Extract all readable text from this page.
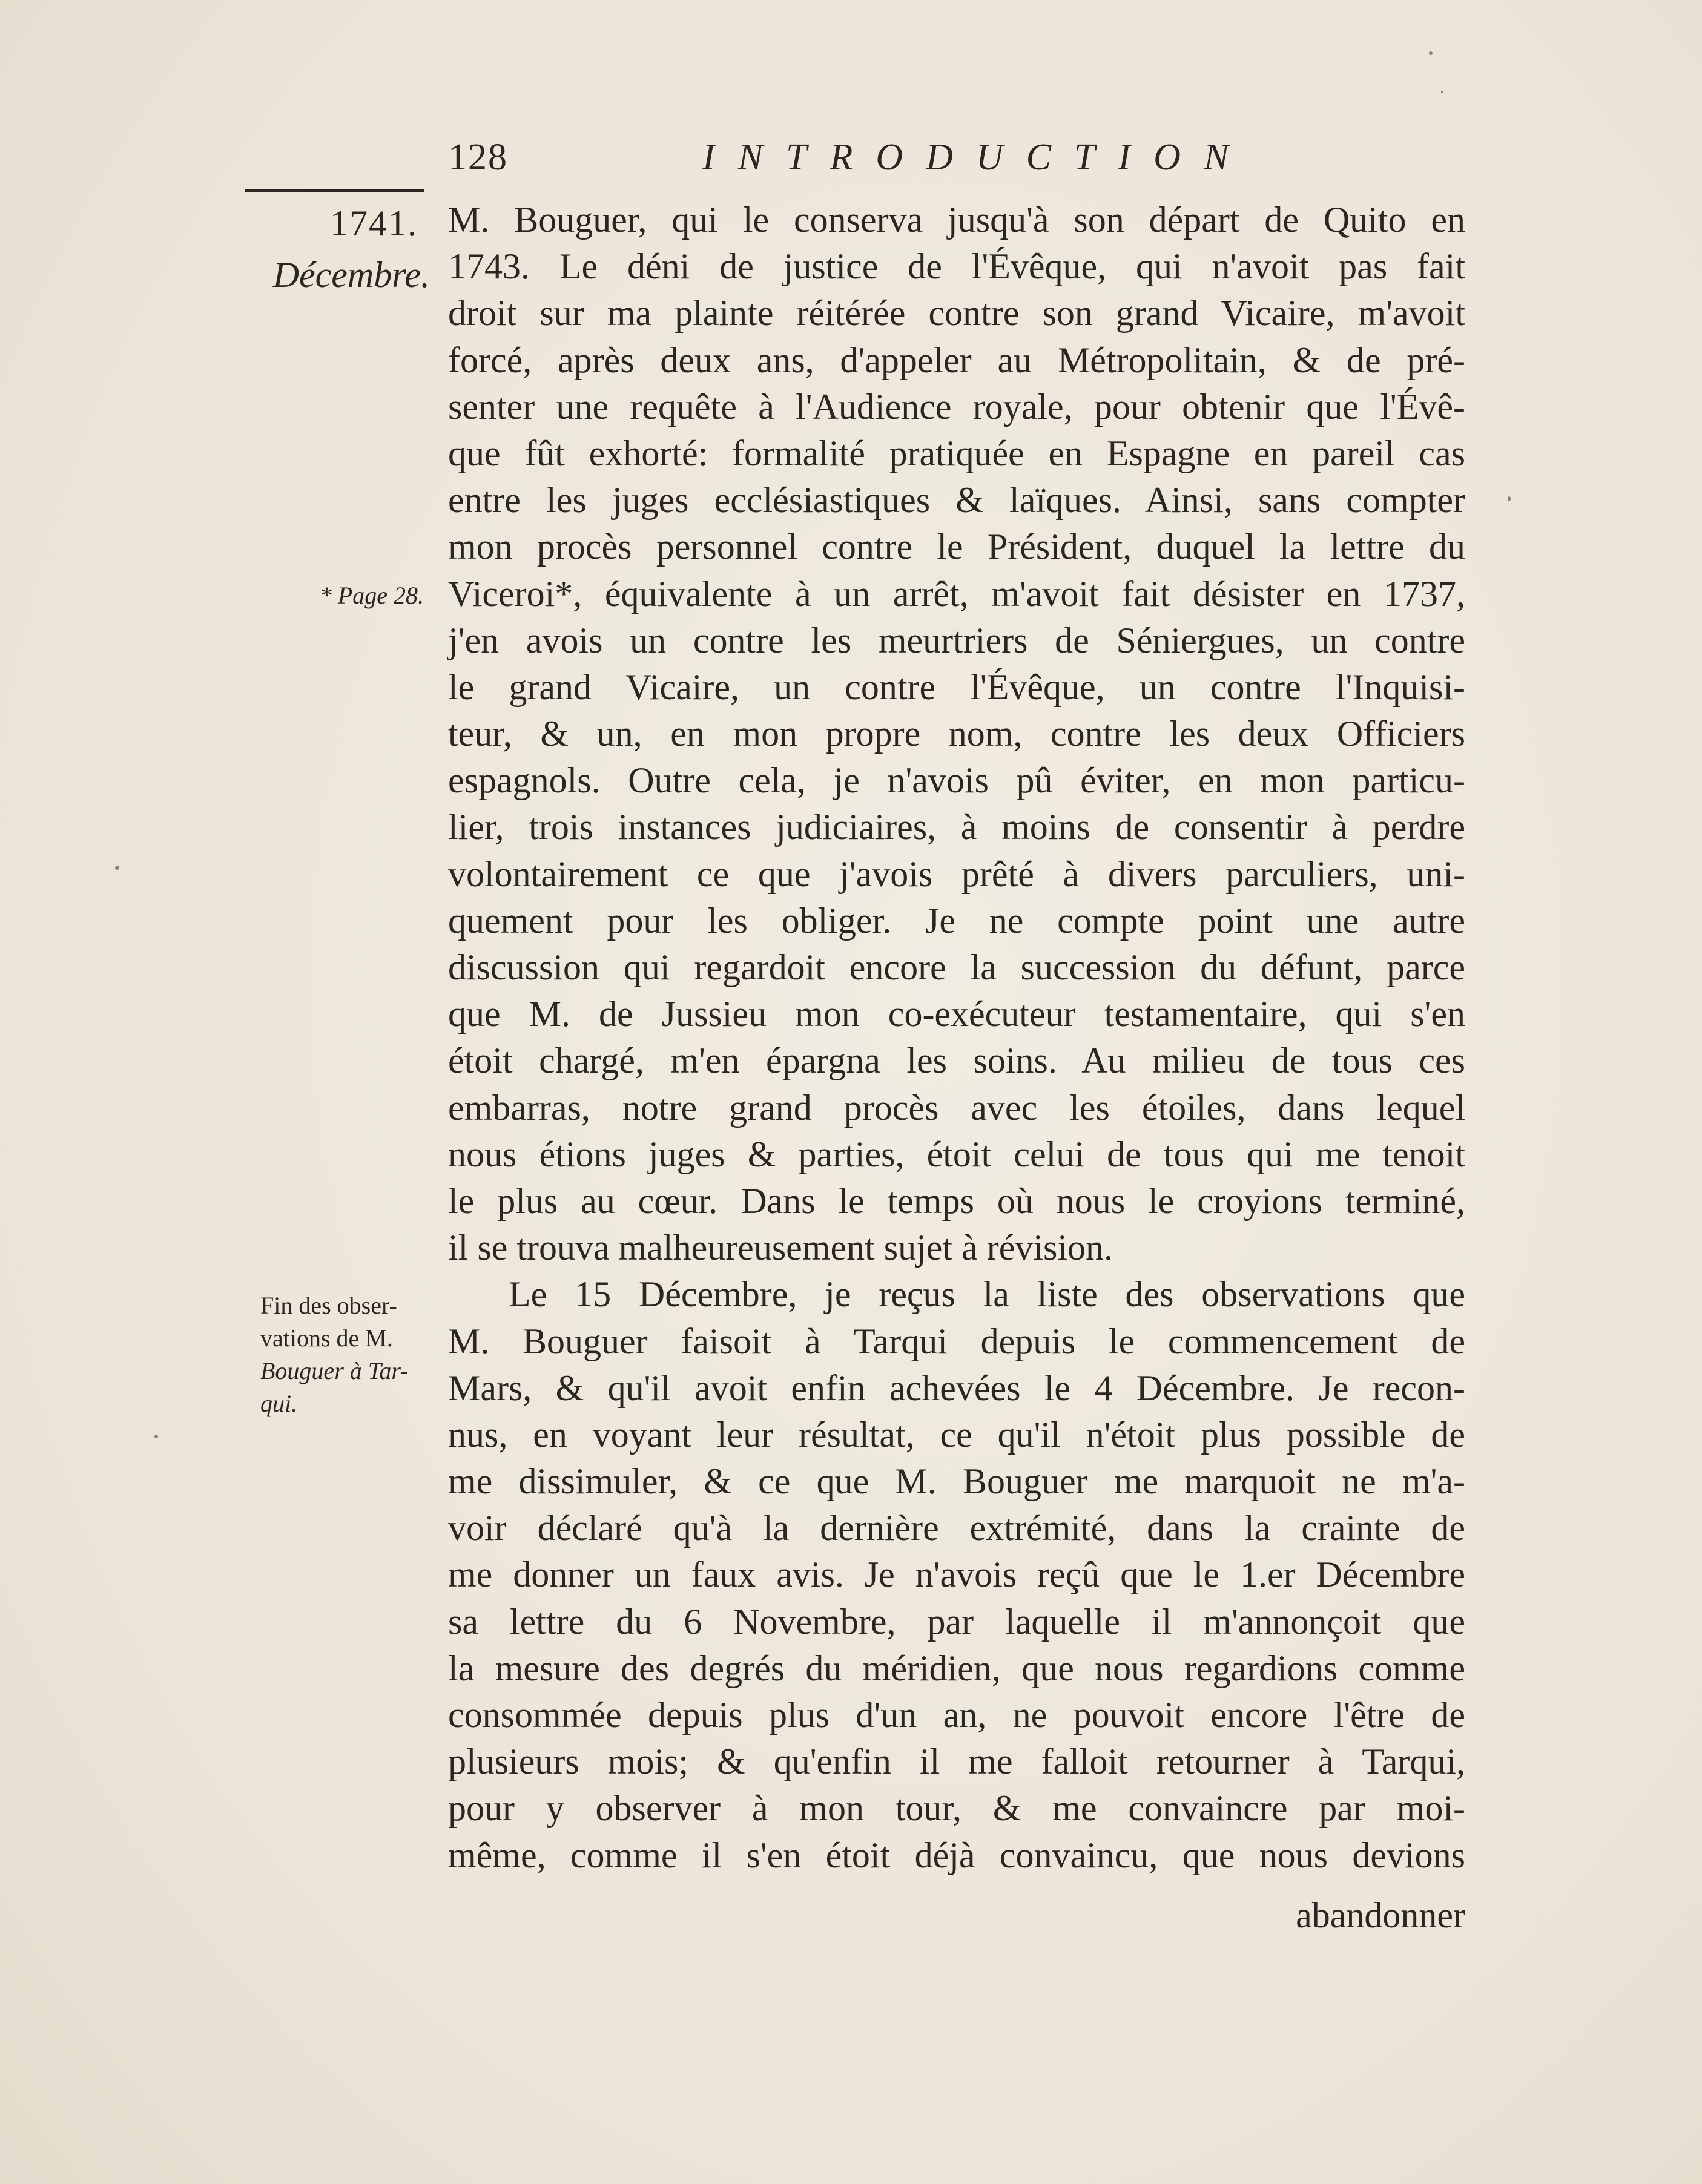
128	INTRODUCTION
1741.
Décembre.
* Page 28.
Fin des obser-
vations de M.
Bouguer à Tar-
qui.
M. Bouguer, qui le conserva jusqu'à son départ de Quito en
1743. Le déni de justice de l'Évêque, qui n'avoit pas fait
droit sur ma plainte réitérée contre son grand Vicaire, m'avoit
forcé, après deux ans, d'appeler au Métropolitain, & de pré-
senter une requête à l'Audience royale, pour obtenir que l'Évê-
que fût exhorté: formalité pratiquée en Espagne en pareil cas
entre les juges ecclésiastiques & laïques. Ainsi, sans compter
mon procès personnel contre le Président, duquel la lettre du
Viceroi*, équivalente à un arrêt, m'avoit fait désister en 1737,
j'en avois un contre les meurtriers de Séniergues, un contre
le grand Vicaire, un contre l'Évêque, un contre l'Inquisi-
teur, & un, en mon propre nom, contre les deux Officiers
espagnols. Outre cela, je n'avois pû éviter, en mon particu-
lier, trois instances judiciaires, à moins de consentir à perdre
volontairement ce que j'avois prêté à divers parculiers, uni-
quement pour les obliger. Je ne compte point une autre
discussion qui regardoit encore la succession du défunt, parce
que M. de Jussieu mon co-exécuteur testamentaire, qui s'en
étoit chargé, m'en épargna les soins. Au milieu de tous ces
embarras, notre grand procès avec les étoiles, dans lequel
nous étions juges & parties, étoit celui de tous qui me tenoit
le plus au cœur. Dans le temps où nous le croyions terminé,
il se trouva malheureusement sujet à révision.
Le 15 Décembre, je reçus la liste des observations que
M. Bouguer faisoit à Tarqui depuis le commencement de
Mars, & qu'il avoit enfin achevées le 4 Décembre. Je recon-
nus, en voyant leur résultat, ce qu'il n'étoit plus possible de
me dissimuler, & ce que M. Bouguer me marquoit ne m'a-
voir déclaré qu'à la dernière extrémité, dans la crainte de
me donner un faux avis. Je n'avois reçû que le 1.er Décembre
sa lettre du 6 Novembre, par laquelle il m'annonçoit que
la mesure des degrés du méridien, que nous regardions comme
consommée depuis plus d'un an, ne pouvoit encore l'être de
plusieurs mois; & qu'enfin il me falloit retourner à Tarqui,
pour y observer à mon tour, & me convaincre par moi-
même, comme il s'en étoit déjà convaincu, que nous devions
abandonner
